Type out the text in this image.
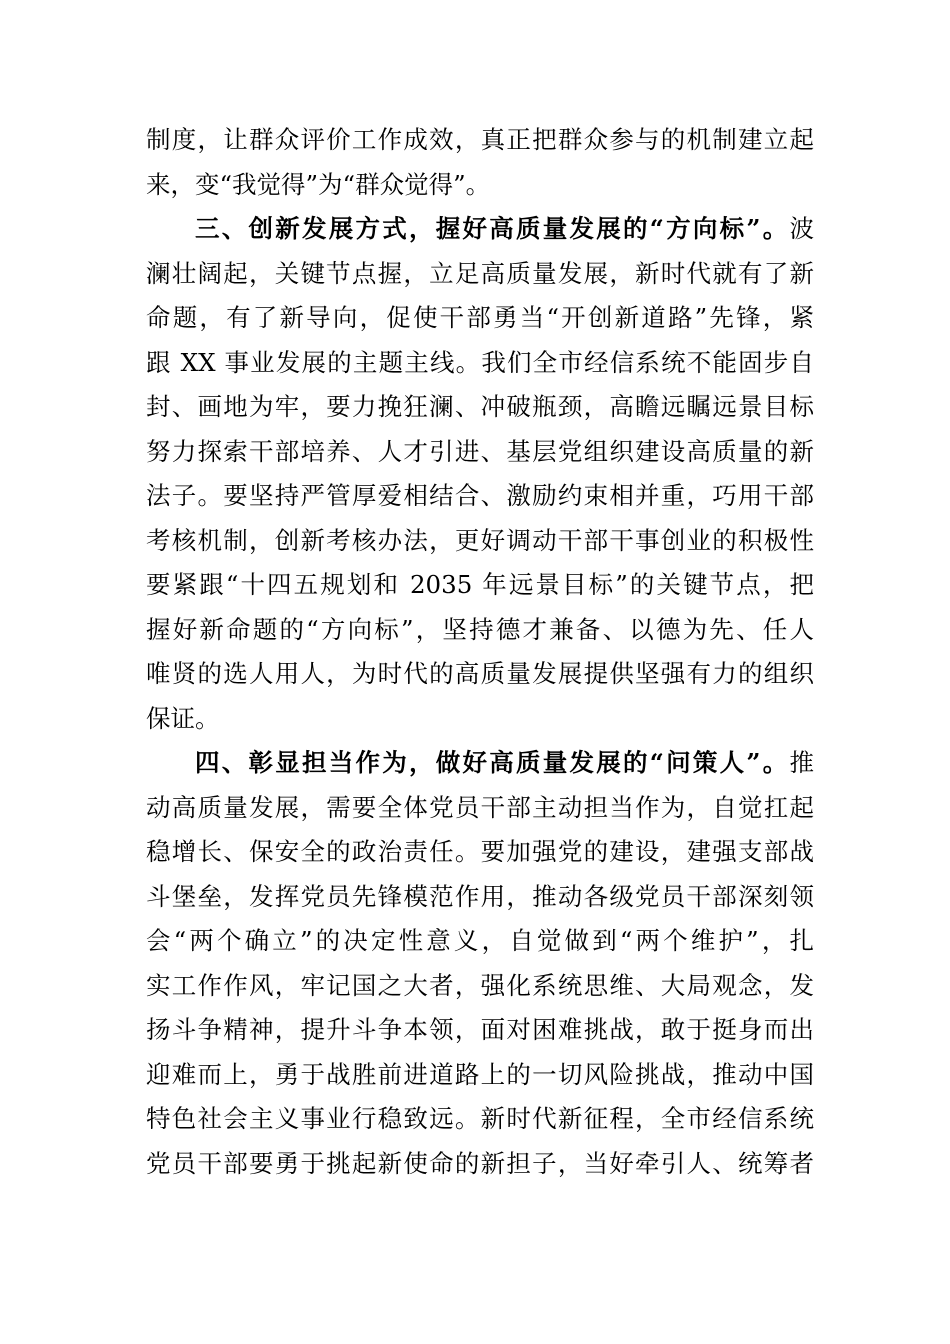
制度，让群众评价工作成效，真正把群众参与的机制建立起
来，变“我觉得”为“群众觉得”。
三、创新发展方式，握好高质量发展的“方向标”。波
澜壮阔起，关键节点握，立足高质量发展，新时代就有了新
命题，有了新导向，促使干部勇当“开创新道路”先锋，紧
跟 XX 事业发展的主题主线。我们全市经信系统不能固步自
封、画地为牢，要力挽狂澜、冲破瓶颈，高瞻远瞩远景目标
努力探索干部培养、人才引进、基层党组织建设高质量的新
法子。要坚持严管厚爱相结合、激励约束相并重，巧用干部
考核机制，创新考核办法，更好调动干部干事创业的积极性
要紧跟“十四五规划和 2035 年远景目标”的关键节点，把
握好新命题的“方向标”，坚持德才兼备、以德为先、任人
唯贤的选人用人，为时代的高质量发展提供坚强有力的组织
保证。
四、彰显担当作为，做好高质量发展的“问策人”。推
动高质量发展，需要全体党员干部主动担当作为，自觉扛起
稳增长、保安全的政治责任。要加强党的建设，建强支部战
斗堡垒，发挥党员先锋模范作用，推动各级党员干部深刻领
会“两个确立”的决定性意义，自觉做到“两个维护”，扎
实工作作风，牢记国之大者，强化系统思维、大局观念，发
扬斗争精神，提升斗争本领，面对困难挑战，敢于挺身而出
迎难而上，勇于战胜前进道路上的一切风险挑战，推动中国
特色社会主义事业行稳致远。新时代新征程，全市经信系统
党员干部要勇于挑起新使命的新担子，当好牵引人、统筹者
